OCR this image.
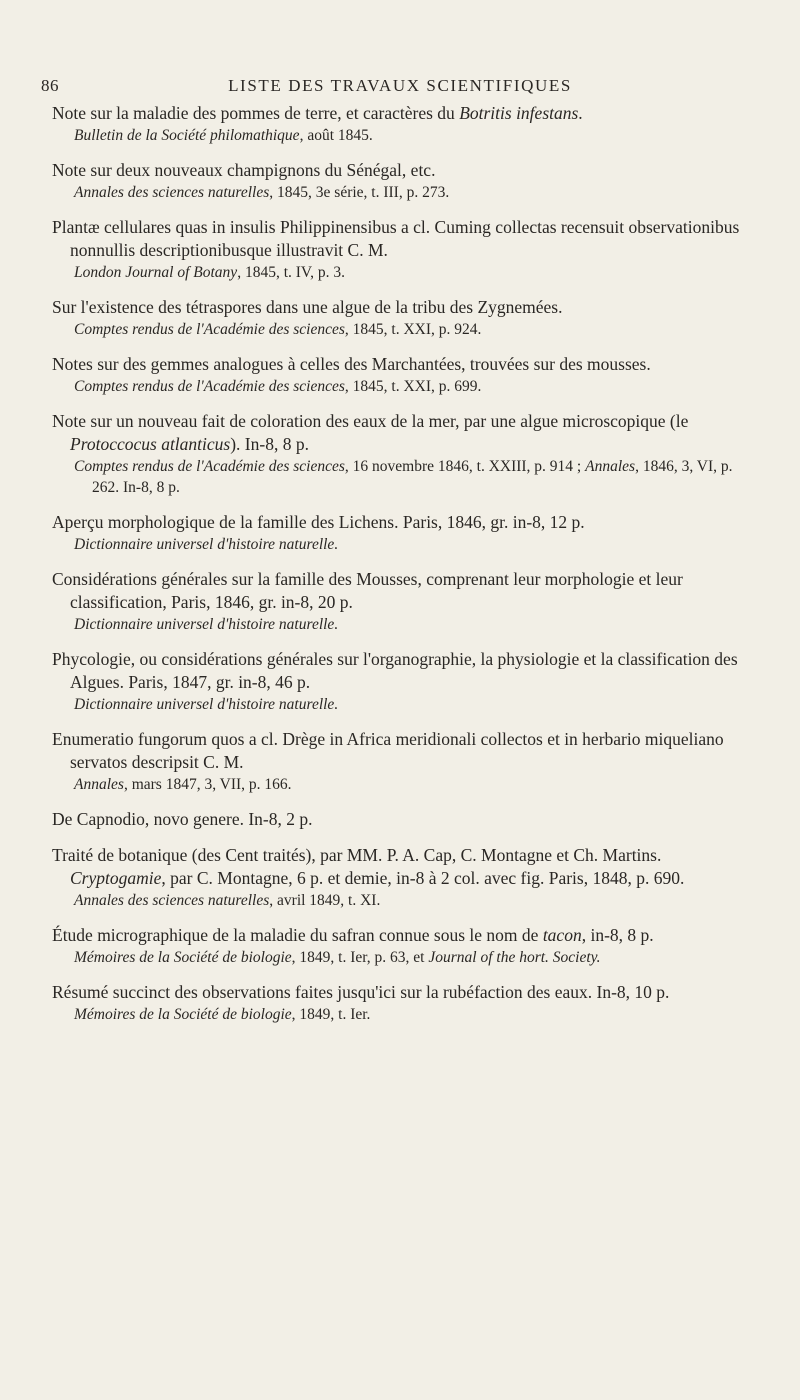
86	LISTE DES TRAVAUX SCIENTIFIQUES
Note sur la maladie des pommes de terre, et caractères du Botritis infestans.
Bulletin de la Société philomathique, août 1845.
Note sur deux nouveaux champignons du Sénégal, etc.
Annales des sciences naturelles, 1845, 3e série, t. III, p. 273.
Plantæ cellulares quas in insulis Philippinensibus a cl. Cuming collectas recensuit observationibus nonnullis descriptionibusque illustravit C. M.
London Journal of Botany, 1845, t. IV, p. 3.
Sur l'existence des tétraspores dans une algue de la tribu des Zygnemées.
Comptes rendus de l'Académie des sciences, 1845, t. XXI, p. 924.
Notes sur des gemmes analogues à celles des Marchantées, trouvées sur des mousses.
Comptes rendus de l'Académie des sciences, 1845, t. XXI, p. 699.
Note sur un nouveau fait de coloration des eaux de la mer, par une algue microscopique (le Protoccocus atlanticus). In-8, 8 p.
Comptes rendus de l'Académie des sciences, 16 novembre 1846, t. XXIII, p. 914 ; Annales, 1846, 3, VI, p. 262. In-8, 8 p.
Aperçu morphologique de la famille des Lichens. Paris, 1846, gr. in-8, 12 p.
Dictionnaire universel d'histoire naturelle.
Considérations générales sur la famille des Mousses, comprenant leur morphologie et leur classification, Paris, 1846, gr. in-8, 20 p.
Dictionnaire universel d'histoire naturelle.
Phycologie, ou considérations générales sur l'organographie, la physiologie et la classification des Algues. Paris, 1847, gr. in-8, 46 p.
Dictionnaire universel d'histoire naturelle.
Enumeratio fungorum quos a cl. Drège in Africa meridionali collectos et in herbario miqueliano servatos descripsit C. M.
Annales, mars 1847, 3, VII, p. 166.
De Capnodio, novo genere. In-8, 2 p.
Traité de botanique (des Cent traités), par MM. P. A. Cap, C. Montagne et Ch. Martins. Cryptogamie, par C. Montagne, 6 p. et demie, in-8 à 2 col. avec fig. Paris, 1848, p. 690.
Annales des sciences naturelles, avril 1849, t. XI.
Étude micrographique de la maladie du safran connue sous le nom de tacon, in-8, 8 p.
Mémoires de la Société de biologie, 1849, t. Ier, p. 63, et Journal of the hort. Society.
Résumé succinct des observations faites jusqu'ici sur la rubéfaction des eaux. In-8, 10 p.
Mémoires de la Société de biologie, 1849, t. Ier.
